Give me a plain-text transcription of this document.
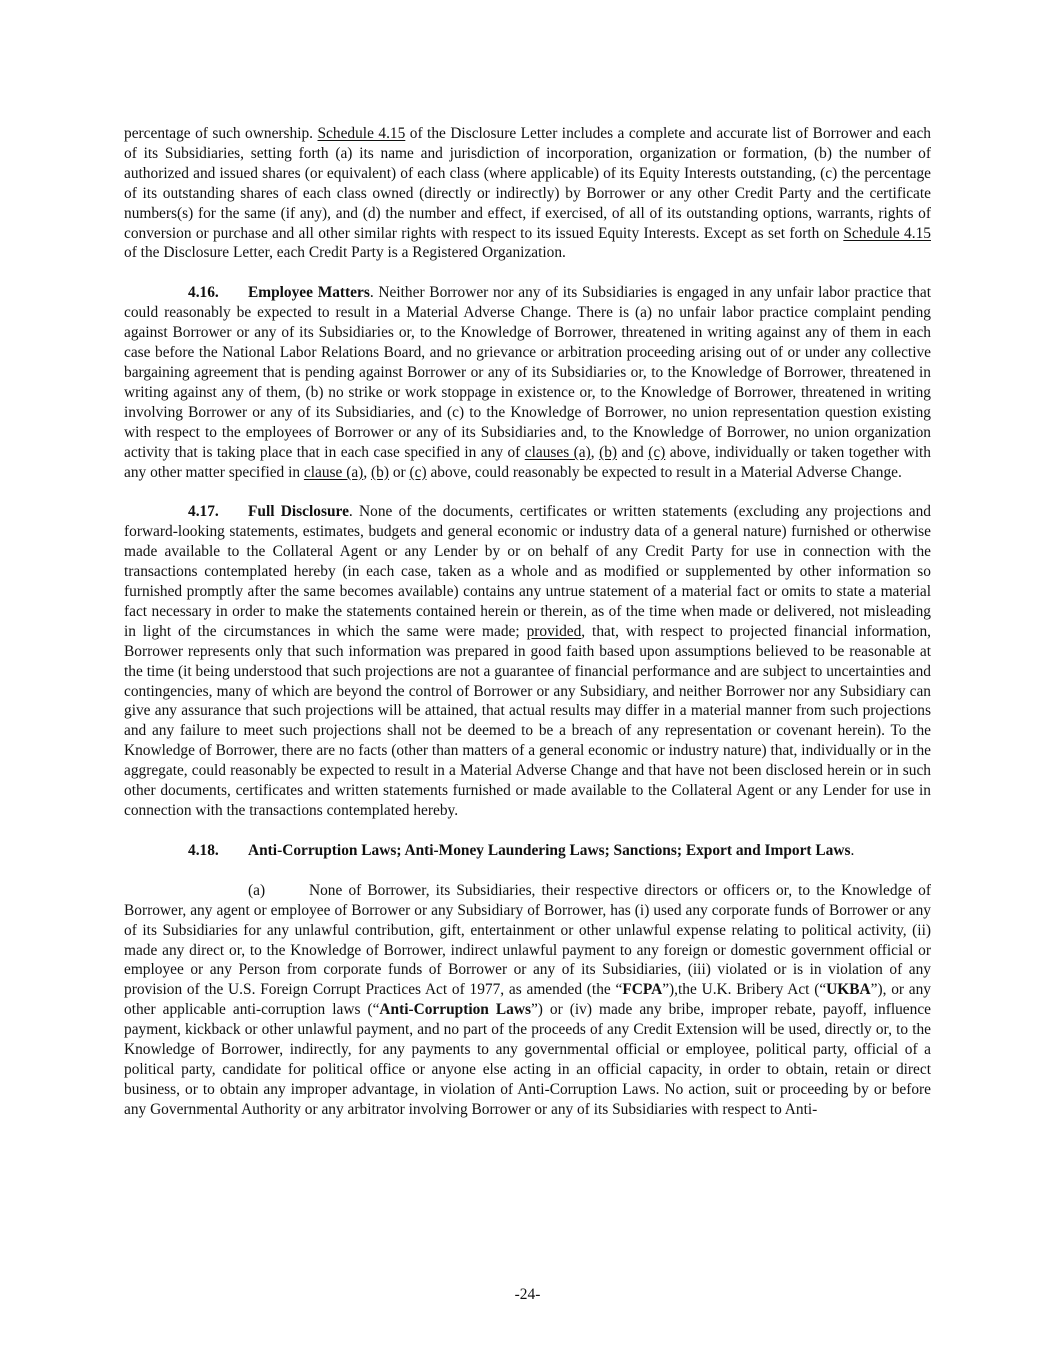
percentage of such ownership. Schedule 4.15 of the Disclosure Letter includes a complete and accurate list of Borrower and each of its Subsidiaries, setting forth (a) its name and jurisdiction of incorporation, organization or formation, (b) the number of authorized and issued shares (or equivalent) of each class (where applicable) of its Equity Interests outstanding, (c) the percentage of its outstanding shares of each class owned (directly or indirectly) by Borrower or any other Credit Party and the certificate numbers(s) for the same (if any), and (d) the number and effect, if exercised, of all of its outstanding options, warrants, rights of conversion or purchase and all other similar rights with respect to its issued Equity Interests. Except as set forth on Schedule 4.15 of the Disclosure Letter, each Credit Party is a Registered Organization.

4.16. Employee Matters. Neither Borrower nor any of its Subsidiaries is engaged in any unfair labor practice that could reasonably be expected to result in a Material Adverse Change. There is (a) no unfair labor practice complaint pending against Borrower or any of its Subsidiaries or, to the Knowledge of Borrower, threatened in writing against any of them in each case before the National Labor Relations Board, and no grievance or arbitration proceeding arising out of or under any collective bargaining agreement that is pending against Borrower or any of its Subsidiaries or, to the Knowledge of Borrower, threatened in writing against any of them, (b) no strike or work stoppage in existence or, to the Knowledge of Borrower, threatened in writing involving Borrower or any of its Subsidiaries, and (c) to the Knowledge of Borrower, no union representation question existing with respect to the employees of Borrower or any of its Subsidiaries and, to the Knowledge of Borrower, no union organization activity that is taking place that in each case specified in any of clauses (a), (b) and (c) above, individually or taken together with any other matter specified in clause (a), (b) or (c) above, could reasonably be expected to result in a Material Adverse Change.

4.17. Full Disclosure. None of the documents, certificates or written statements (excluding any projections and forward-looking statements, estimates, budgets and general economic or industry data of a general nature) furnished or otherwise made available to the Collateral Agent or any Lender by or on behalf of any Credit Party for use in connection with the transactions contemplated hereby (in each case, taken as a whole and as modified or supplemented by other information so furnished promptly after the same becomes available) contains any untrue statement of a material fact or omits to state a material fact necessary in order to make the statements contained herein or therein, as of the time when made or delivered, not misleading in light of the circumstances in which the same were made; provided, that, with respect to projected financial information, Borrower represents only that such information was prepared in good faith based upon assumptions believed to be reasonable at the time (it being understood that such projections are not a guarantee of financial performance and are subject to uncertainties and contingencies, many of which are beyond the control of Borrower or any Subsidiary, and neither Borrower nor any Subsidiary can give any assurance that such projections will be attained, that actual results may differ in a material manner from such projections and any failure to meet such projections shall not be deemed to be a breach of any representation or covenant herein). To the Knowledge of Borrower, there are no facts (other than matters of a general economic or industry nature) that, individually or in the aggregate, could reasonably be expected to result in a Material Adverse Change and that have not been disclosed herein or in such other documents, certificates and written statements furnished or made available to the Collateral Agent or any Lender for use in connection with the transactions contemplated hereby.

4.18. Anti-Corruption Laws; Anti-Money Laundering Laws; Sanctions; Export and Import Laws.

(a)	None of Borrower, its Subsidiaries, their respective directors or officers or, to the Knowledge of Borrower, any agent or employee of Borrower or any Subsidiary of Borrower, has (i) used any corporate funds of Borrower or any of its Subsidiaries for any unlawful contribution, gift, entertainment or other unlawful expense relating to political activity, (ii) made any direct or, to the Knowledge of Borrower, indirect unlawful payment to any foreign or domestic government official or employee or any Person from corporate funds of Borrower or any of its Subsidiaries, (iii) violated or is in violation of any provision of the U.S. Foreign Corrupt Practices Act of 1977, as amended (the “FCPA”),the U.K. Bribery Act (“UKBA”), or any other applicable anti-corruption laws (“Anti-Corruption Laws”) or (iv) made any bribe, improper rebate, payoff, influence payment, kickback or other unlawful payment, and no part of the proceeds of any Credit Extension will be used, directly or, to the Knowledge of Borrower, indirectly, for any payments to any governmental official or employee, political party, official of a political party, candidate for political office or anyone else acting in an official capacity, in order to obtain, retain or direct business, or to obtain any improper advantage, in violation of Anti-Corruption Laws. No action, suit or proceeding by or before any Governmental Authority or any arbitrator involving Borrower or any of its Subsidiaries with respect to Anti-

-24-
